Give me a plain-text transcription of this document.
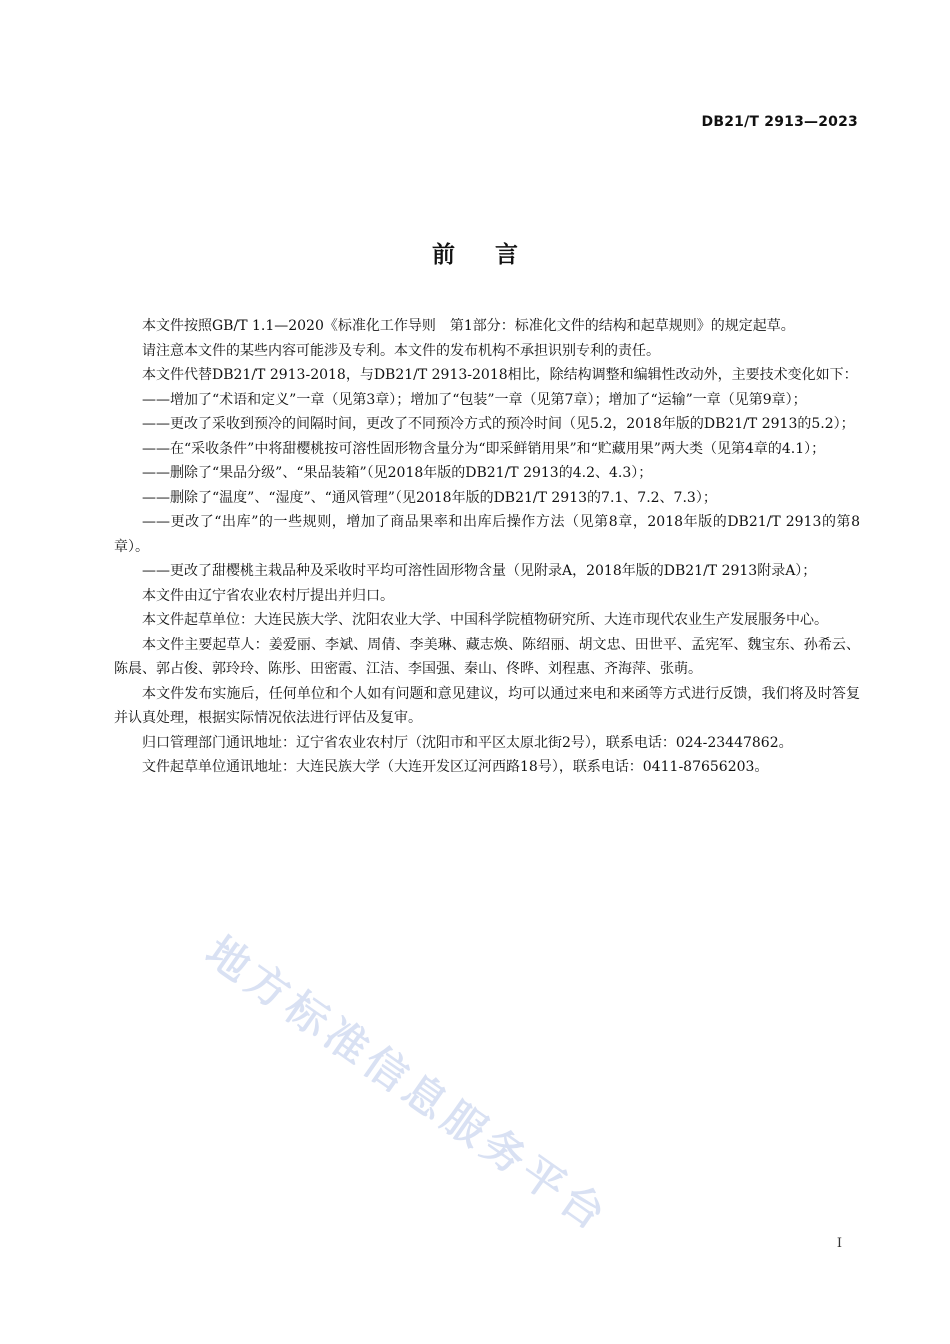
DB21/T 2913—2023
前言

本文件按照GB/T 1.1—2020《标准化工作导则　第1部分：标准化文件的结构和起草规则》的规定起草。

请注意本文件的某些内容可能涉及专利。本文件的发布机构不承担识别专利的责任。

本文件代替DB21/T 2913-2018，与DB21/T 2913-2018相比，除结构调整和编辑性改动外，主要技术变化如下：

——增加了“术语和定义”一章（见第3章）；增加了“包装”一章（见第7章）；增加了“运输”一章（见第9章）；

——更改了采收到预冷的间隔时间，更改了不同预冷方式的预冷时间（见5.2，2018年版的DB21/T 2913的5.2）；

——在“采收条件”中将甜樱桃按可溶性固形物含量分为“即采鲜销用果”和“贮藏用果”两大类（见第4章的4.1）；

——删除了“果品分级”、“果品装箱”（见2018年版的DB21/T 2913的4.2、4.3）；

——删除了“温度”、“湿度”、“通风管理”（见2018年版的DB21/T 2913的7.1、7.2、7.3）；

——更改了“出库”的一些规则，增加了商品果率和出库后操作方法（见第8章，2018年版的DB21/T 2913的第8章）。

——更改了甜樱桃主栽品种及采收时平均可溶性固形物含量（见附录A，2018年版的DB21/T 2913附录A）；

本文件由辽宁省农业农村厅提出并归口。

本文件起草单位：大连民族大学、沈阳农业大学、中国科学院植物研究所、大连市现代农业生产发展服务中心。

本文件主要起草人：姜爱丽、李斌、周倩、李美琳、藏志焕、陈绍丽、胡文忠、田世平、孟宪军、魏宝东、孙希云、陈晨、郭占俊、郭玲玲、陈彤、田密霞、江洁、李国强、秦山、佟晔、刘程惠、齐海萍、张萌。

本文件发布实施后，任何单位和个人如有问题和意见建议，均可以通过来电和来函等方式进行反馈，我们将及时答复并认真处理，根据实际情况依法进行评估及复审。

归口管理部门通讯地址：辽宁省农业农村厅（沈阳市和平区太原北街2号），联系电话：024-23447862。

文件起草单位通讯地址：大连民族大学（大连开发区辽河西路18号），联系电话：0411-87656203。

地方标准信息服务平台
I
